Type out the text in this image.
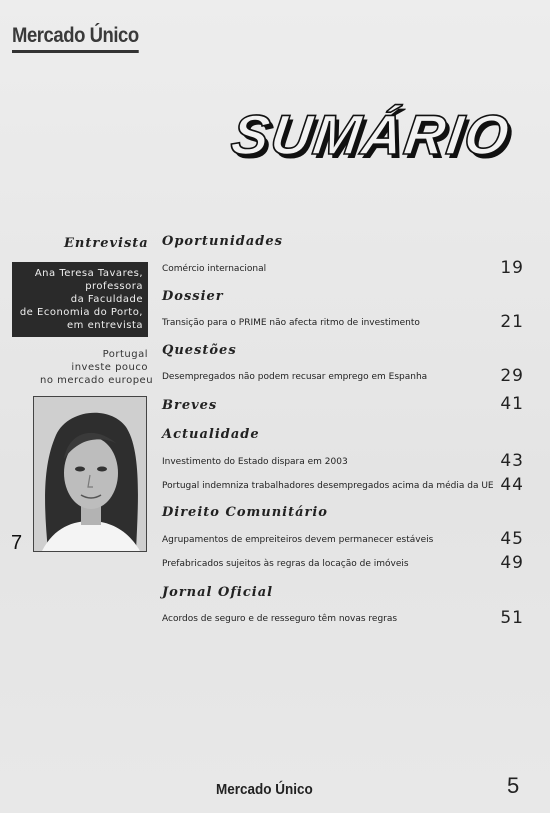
Mercado Único
SUMÁRIO
Entrevista
Ana Teresa Tavares,
professora
da Faculdade
de Economia do Porto,
em entrevista
Portugal
investe pouco
no mercado europeu
7
Oportunidades
Comércio internacional	19
Dossier
Transição para o PRIME não afecta ritmo de investimento	21
Questões
Desempregados não podem recusar emprego em Espanha	29
Breves	41
Actualidade
Investimento do Estado dispara em 2003	43
Portugal indemniza trabalhadores desempregados acima da média da UE 44
Direito Comunitário
Agrupamentos de empreiteiros devem permanecer estáveis	45
Prefabricados sujeitos às regras da locação de imóveis	49
Jornal Oficial
Acordos de seguro e de resseguro têm novas regras	51
Mercado Único	5
